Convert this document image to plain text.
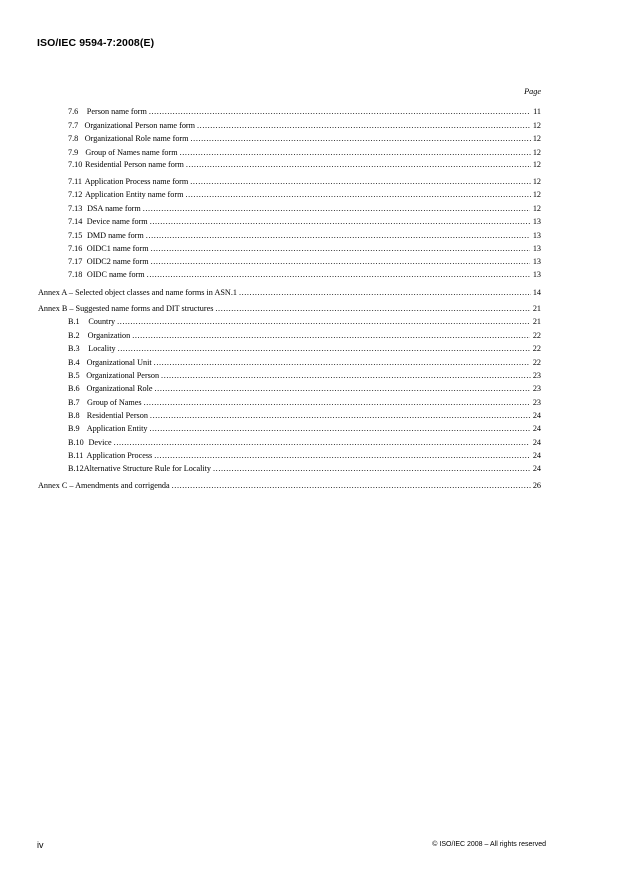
ISO/IEC 9594-7:2008(E)
Page
7.6	Person name form .....	11
7.7 Organizational Person name form .....	12
7.8 Organizational Role name form .....	12
7.9 Group of Names name form .....	12
7.10 Residential Person name form .....	12
7.11 Application Process name form .....	12
7.12 Application Entity name form .....	12
7.13 DSA name form .....	12
7.14 Device name form .....	13
7.15 DMD name form .....	13
7.16 OIDC1 name form .....	13
7.17 OIDC2 name form .....	13
7.18 OIDC name form .....	13
Annex A – Selected object classes and name forms in ASN.1 .....	14
Annex B – Suggested name forms and DIT structures .....	21
B.1	Country .....	21
B.2 Organization .....	22
B.3	Locality .....	22
B.4 Organizational Unit .....	22
B.5 Organizational Person .....	23
B.6 Organizational Role .....	23
B.7 Group of Names .....	23
B.8 Residential Person .....	24
B.9 Application Entity .....	24
B.10 Device .....	24
B.11 Application Process .....	24
B.12 Alternative Structure Rule for Locality .....	24
Annex C – Amendments and corrigenda .....	26
iv	© ISO/IEC 2008 – All rights reserved
